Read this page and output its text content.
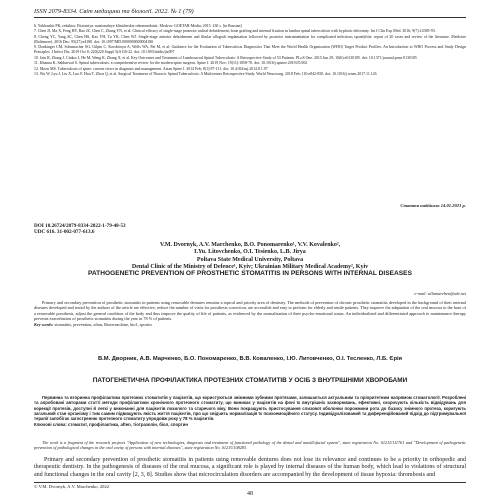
ISSN 2079-8334. Світ медицини та біології. 2022. № 1 (79)

6. Yablonskii PK, redaktor. Ftiziatriya: natsionalnye klinicheskie rekomendatsii. Moskva: GOETAR-Media; 2015. 230 s. [in Russian]

7. Chen JJ, Ma X, Feng HY, Bao JZ, Chen C, Zhang YN, et al. Clinical efficacy of single-stage posterior radical debridement, bone grafting and internal fixation in lumbar spinal tuberculosis with kyphotic deformity. Int J Clin Exp Med. 2016; 9(7):14385-93.

8. Cheng YC, Yang SC, Chen HS, Kao YH, Tu YK, Chen WJ. Single-stage anterior debridement and fibular allograft implantation followed by posterior instrumentation for complicated infectious spondylitis: report of 20 cases and review of the literature. Medicine (Baltimore). 2016 Dec; 95(27):e4180. doi: 10.1097/MD.0000000000004180

9. Donkinger CM, Schumacher SG, Gilpin C, Korobitsyn A, Wells WA, Pai M, et al. Guidance for the Evaluation of Tuberculosis Diagnostics That Meet the World Health Organization (WHO) Target Product Profiles: An Introduction to WHO Process and Study Design Principles. J Infect Dis. 2019 Oct 8; 220(220 Suppl 3):S116-22. doi: 10.1093/infdis/jiz097

10. Jain R, Zhang J, Cinkor J, He M, Wang K, Zhang X, et al. Key Outcomes and Treatment of Lumbosacral Spinal Tuberculosis: A Retrospective Study of 53 Patients. PLoS One. 2015 Jun 29; 10(6):e0130185. doi: 10.1371/journal.pone.0130185

11. Khanna K, Sabharwal S. Spinal tuberculosis: a comprehensive review for the modern spine surgeon. Spine J. 2019 Nov; 19(11):1858-70. doi: 10.1016/j.spinee.2019.05.002

12. Moon MS. Tuberculosis of spine: current views in diagnosis and management. Asian Spine J. 2014 Feb; 8(1):97-111. doi: 10.4184/asj.2014.8.1.97

13. Wu W, Lyu J, Liu X, Luo F, Hou T, Zhou Q, et al. Surgical Treatment of Thoracic Spinal Tuberculosis: A Multicenter Retrospective Study. World Neurosurg. 2018 Feb; 110:e842-850. doi: 10.1016/j.wneu.2017.11.126

Стаття надійшла 14.01.2021 р.
DOI 10.26724/2079-8334-2022-1-79-48-53
UDC 616. 31-002-077-613.6
V.M. Dvornyk, A.V. Marchenko, B.O. Ponomarenko¹, V.V. Kovalenko²,
I.Yu. Litovchenko, O.I. Tesienko, L.B. Jirya
Poltava State Medical University, Poltava
Dental Clinic of the Ministry of Defence¹, Kyiv; Ukrainian Military Medical Academy², Kyiv
PATHOGENETIC PREVENTION OF PROSTHETIC STOMATITIS IN PERSONS WITH INTERNAL DISEASES
e-mail: allamarchen@ukr.net

Primary and secondary prevention of prosthetic stomatitis in patients using removable dentures remains a topical and priority area of dentistry. The methods of prevention of chronic prosthetic stomatitis developed in the background of their internal diseases developed and tested by the authors of the article are effective, reduce the number of visits for prosthesis correction, are accessible and easy to perform for elderly and senile patients. They improve the adaptation of the oral mucosa to the base of a removable prosthesis, adjust the general condition of the body and thus improve the quality of life of patients, as evidenced by the normalization of their psycho-emotional status. An individualized and differentiated approach to maintenance therapy prevents exacerbation of prosthetic stomatitis during the year in 78 % of patients.

Key words: stomatitis, prevention, aftan, Bioterazolone, bio1, sportin
В.М. Дворник, А.В. Марченко, Б.О. Пономаренко, В.В. Коваленко, І.Ю. Литовченко, О.І. Тесленко, Л.Б. Єрія
ПАТОГЕНЕТИЧНА ПРОФІЛАКТИКА ПРОТЕЗНИХ СТОМАТИТІВ У ОСІБ З ВНУТРІШНІМИ ХВОРОБАМИ

Первинна та вторинна профілактика протезних стоматитів у пацієнтів, що користуються знімними зубними протезами, залишається актуальним та пріоритетним напрямом стоматології. Розроблені та апробовані авторами статті методи профілактики хронічного протезного стоматиту, що виникає у пацієнтів на фоні їх внутрішніх захворювань, ефективні, скорочують кількість відвідувань для корекції протезів, доступні й легкі у виконанні для пацієнтів похилого та старечого віку. Вони покращують пристосування слизової оболонки порожнини рота до базису знімного протеза, коригують загальний стан організму і тим самим підвищують якість життя пацієнтів, про що свідчить нормалізація їх психоемоційного статусу. Індивідуалізований та диференційований підхід до підтримувальної терапії запобігає загостренню протезного стоматиту упродовж року у 78 % пацієнтів.

Ключові слова: стоматит, профілактика, аften, тіотразолін, біол, спортин

The work is a fragment of the research projects "Application of new technologies, diagnosis and treatment of functional pathology of the dental and maxillofacial system", state registration No. 0121U111761 and "Development of pathogenetic prevention of pathological changes in the oral cavity of persons with internal diseases", state registration No. 0121U108283.

Primary and secondary prevention of prosthetic stomatitis in patients using removable dentures does not lose its relevance and continues to be a priority in orthopedic and therapeutic dentistry. In the pathogenesis of diseases of the oral mucosa, a significant role is played by internal diseases of the human body, which lead to violations of structural and functional changes in the oral cavity [2, 3, 8]. Studies show that microcirculation disorders are accompanied by the development of tissue hypoxia: thrombosis and

© V.M. Dvornyk, A.V. Marchenko, 2022
48
